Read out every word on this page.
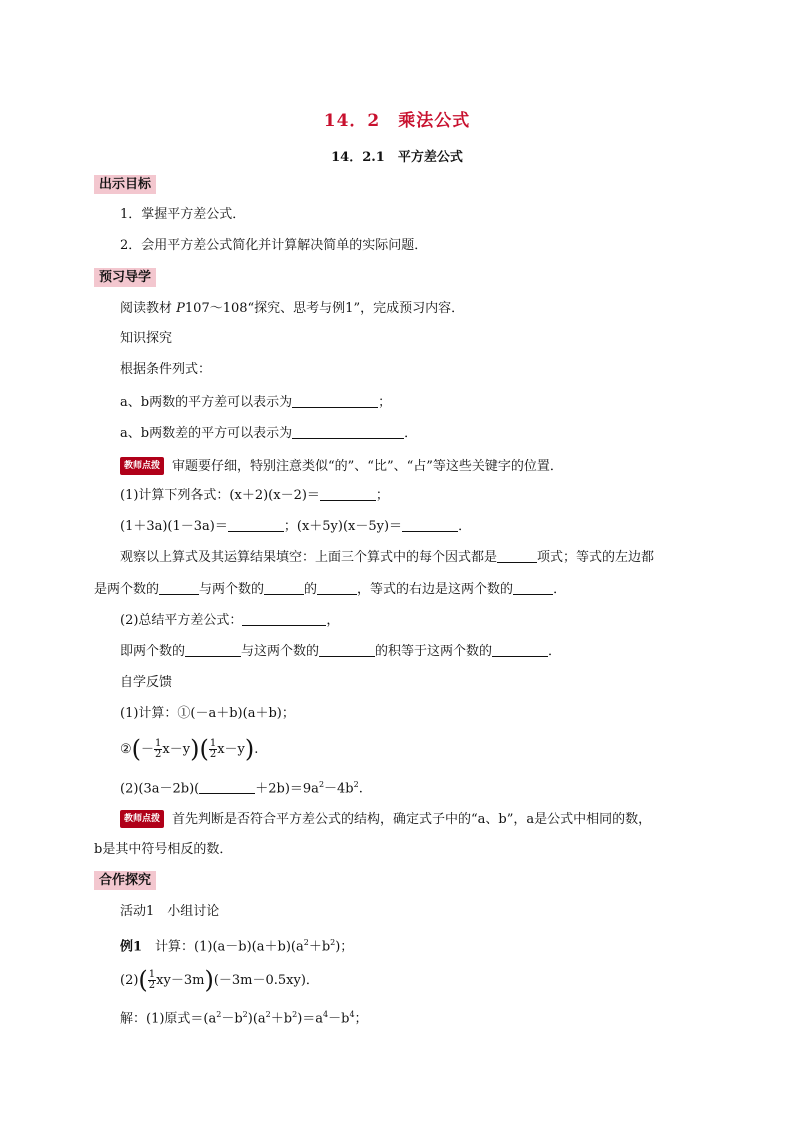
14．2　乘法公式
14．2.1　平方差公式
出示目标
1．掌握平方差公式．
2．会用平方差公式简化并计算解决简单的实际问题．
预习导学
阅读教材 P107～108“探究、思考与例1”，完成预习内容．
知识探究
根据条件列式：
a、b两数的平方差可以表示为	；
a、b两数差的平方可以表示为	．
教师点拨 审题要仔细，特别注意类似“的”、“比”、“占”等这些关键字的位置．
(1)计算下列各式：(x＋2)(x－2)＝	；
(1＋3a)(1－3a)＝	；(x＋5y)(x－5y)＝	．
观察以上算式及其运算结果填空：上面三个算式中的每个因式都是	项式；等式的左边都
是两个数的	与两个数的	的	，等式的右边是这两个数的	．
(2)总结平方差公式：	，
即两个数的	与这两个数的	的积等于这两个数的	．
自学反馈
(1)计算：①(－a＋b)(a＋b)；
②(－ $\frac{1}{2} x-y)( \frac{1}{2} x-y)$.
(2)(3a－2b)(	$+2b)=9a^2-4b^2$.
教师点拨 首先判断是否符合平方差公式的结构，确定式子中的“a、b”，a是公式中相同的数，
b是其中符号相反的数．
合作探究
活动1　小组讨论
例1　计算：$(1)(a-b)(a+b)(a^2+b^2)$；
$(2)( \frac{1}{2} xy-3m)(-3m-0.5xy)$．
解：(1)原式$=(a^2-b^2)(a^2+b^2)=a^4-b^4$；
